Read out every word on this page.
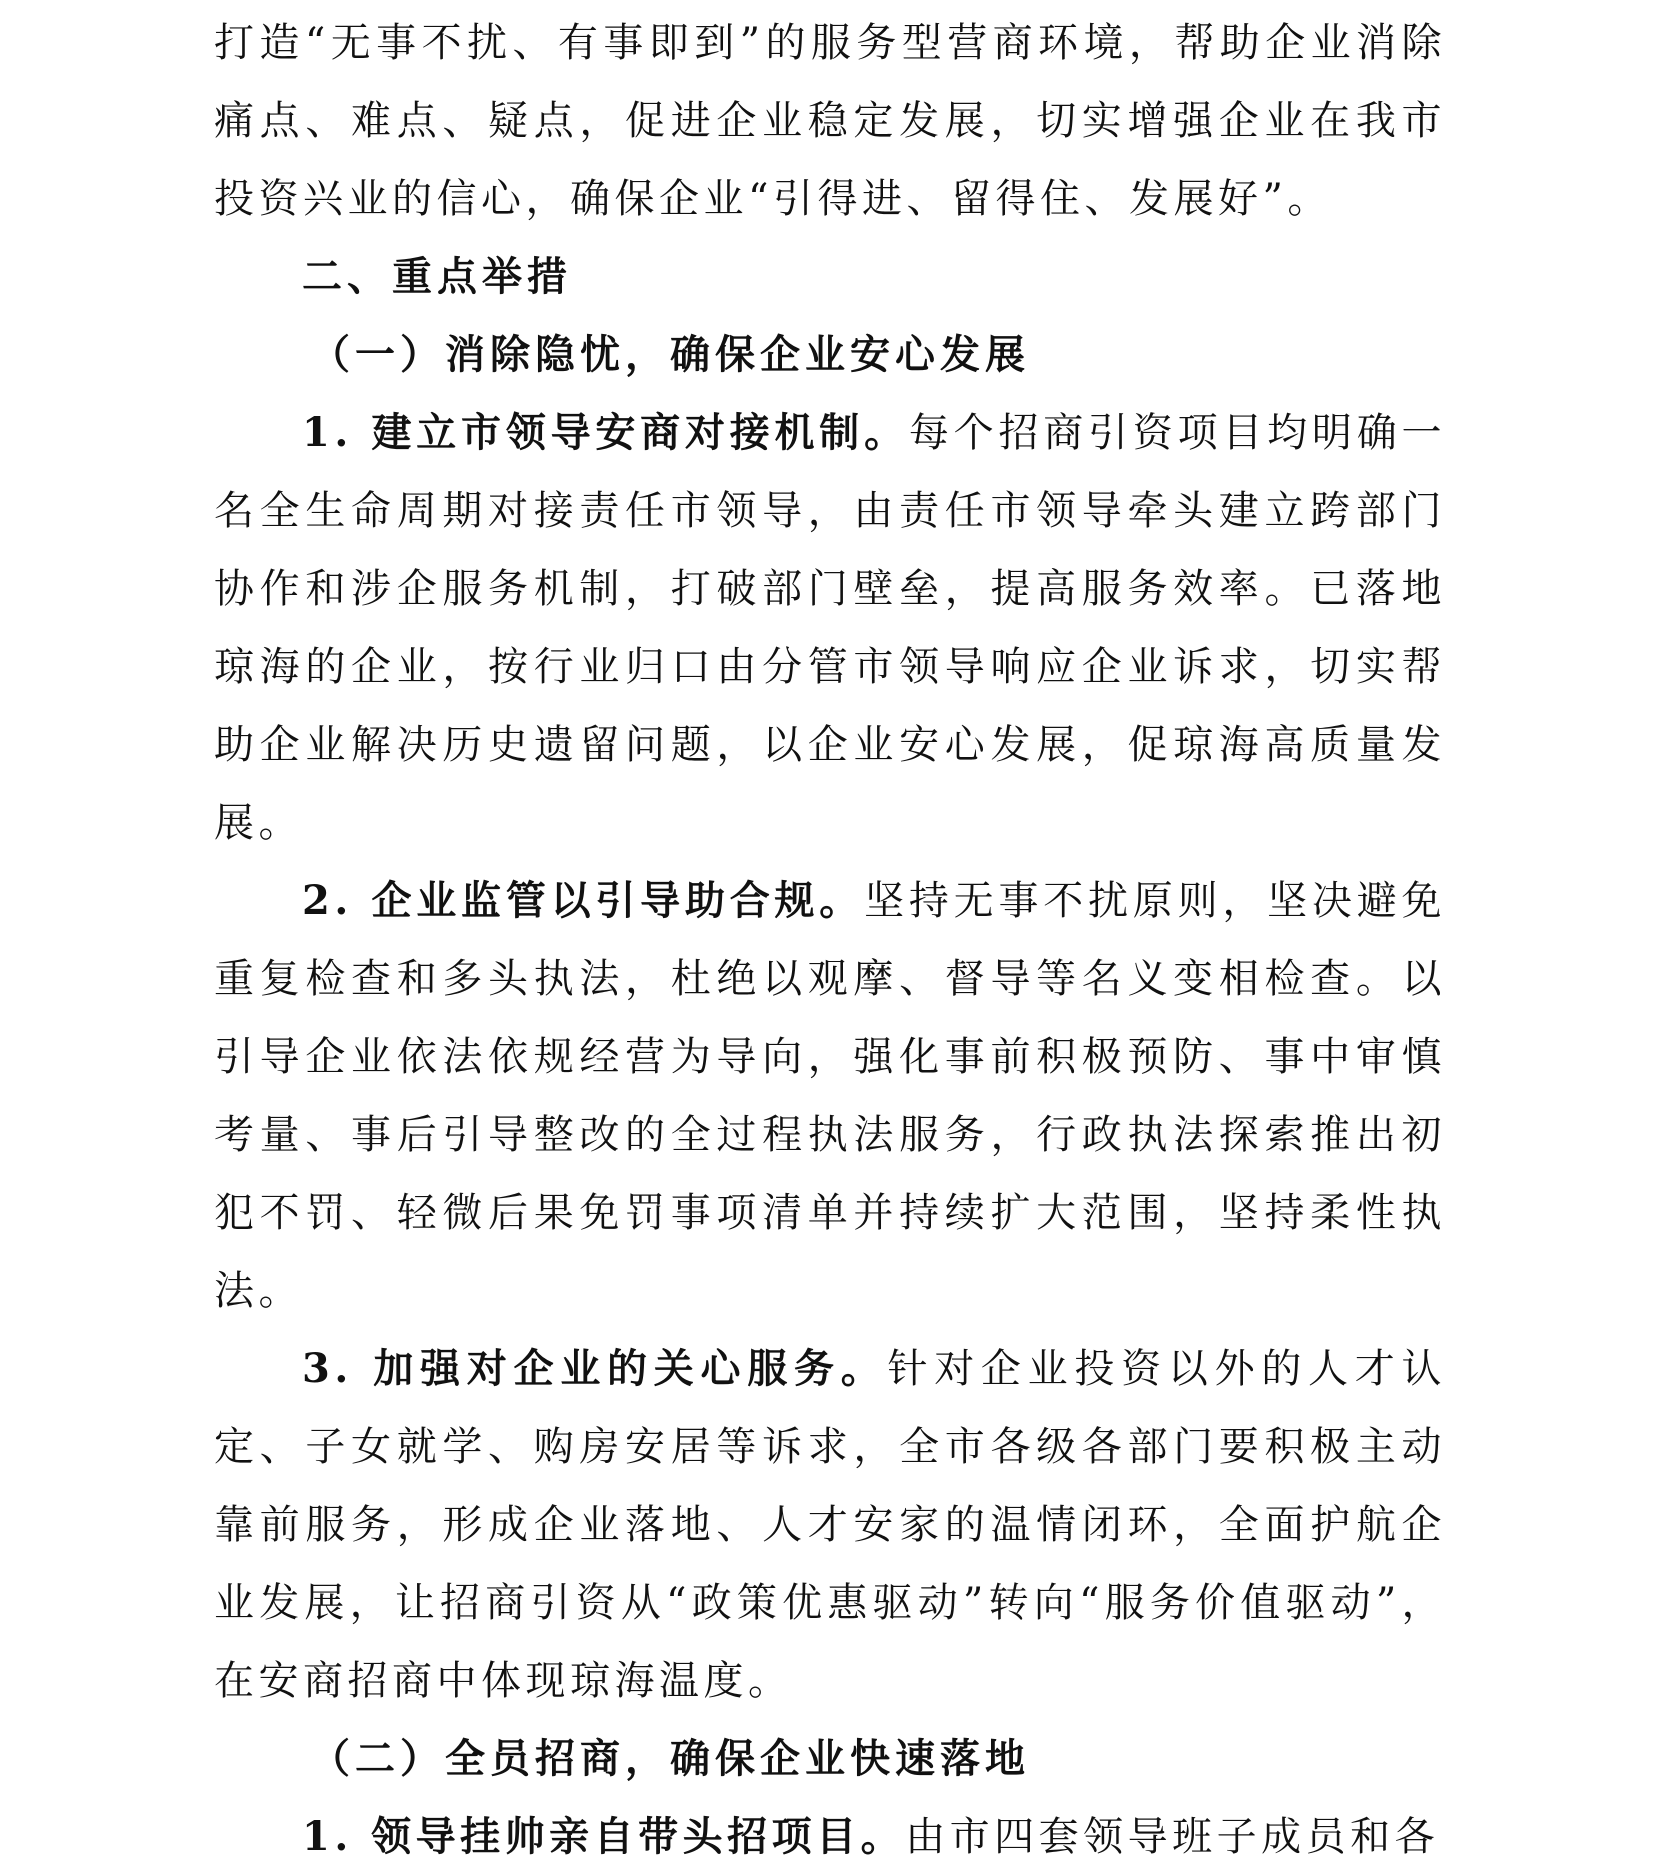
打造“无事不扰、有事即到”的服务型营商环境，帮助企业消除痛点、难点、疑点，促进企业稳定发展，切实增强企业在我市投资兴业的信心，确保企业“引得进、留得住、发展好”。

二、重点举措

（一）消除隐忧，确保企业安心发展

1. 建立市领导安商对接机制。每个招商引资项目均明确一名全生命周期对接责任市领导，由责任市领导牵头建立跨部门协作和涉企服务机制，打破部门壁垒，提高服务效率。已落地琼海的企业，按行业归口由分管市领导响应企业诉求，切实帮助企业解决历史遗留问题，以企业安心发展，促琼海高质量发展。

2. 企业监管以引导助合规。坚持无事不扰原则，坚决避免重复检查和多头执法，杜绝以观摩、督导等名义变相检查。以引导企业依法依规经营为导向，强化事前积极预防、事中审慎考量、事后引导整改的全过程执法服务，行政执法探索推出初犯不罚、轻微后果免罚事项清单并持续扩大范围，坚持柔性执法。

3. 加强对企业的关心服务。针对企业投资以外的人才认定、子女就学、购房安居等诉求，全市各级各部门要积极主动靠前服务，形成企业落地、人才安家的温情闭环，全面护航企业发展，让招商引资从“政策优惠驱动”转向“服务价值驱动”，在安商招商中体现琼海温度。

（二）全员招商，确保企业快速落地

1. 领导挂帅亲自带头招项目。由市四套领导班子成员和各
